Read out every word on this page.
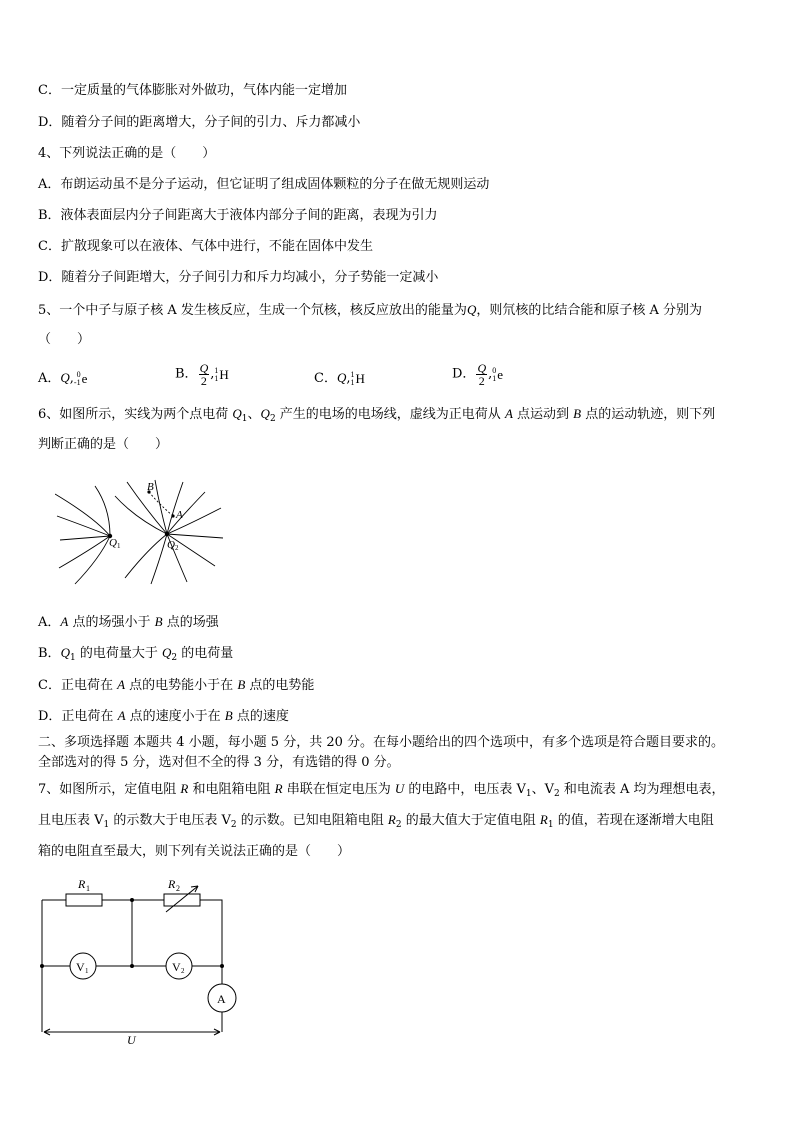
C．一定质量的气体膨胀对外做功，气体内能一定增加
D．随着分子间的距离增大，分子间的引力、斥力都减小
4、下列说法正确的是（　　）
A．布朗运动虽不是分子运动，但它证明了组成固体颗粒的分子在做无规则运动
B．液体表面层内分子间距离大于液体内部分子间的距离，表现为引力
C．扩散现象可以在液体、气体中进行，不能在固体中发生
D．随着分子间距增大，分子间引力和斥力均减小，分子势能一定减小
5、一个中子与原子核 A 发生核反应，生成一个氘核，核反应放出的能量为Q，则氘核的比结合能和原子核 A 分别为
（　　）
A．Q, 0
-1 e	B． $\frac{Q}{2}$ , 1
1 H	C．Q, 1
1 H	D． $\frac{Q}{2}$ , 0
1 e
6、如图所示，实线为两个点电荷 $Q_1$、$Q_2$ 产生的电场的电场线，虚线为正电荷从 A 点运动到 B 点的运动轨迹，则下列
判断正确的是（　　）
B
A
Q 1	Q 2
A．A 点的场强小于 B 点的场强
B．$Q_1$ 的电荷量大于 $Q_2$ 的电荷量
C．正电荷在 A 点的电势能小于在 B 点的电势能
D．正电荷在 A 点的速度小于在 B 点的速度
二、多项选择题 本题共 4 小题，每小题 5 分，共 20 分。在每小题给出的四个选项中，有多个选项是符合题目要求的。
全部选对的得 5 分，选对但不全的得 3 分，有选错的得 0 分。
7、如图所示，定值电阻 R 和电阻箱电阻 R 串联在恒定电压为 U 的电路中，电压表 $V_1$、$V_2$ 和电流表 A 均为理想电表，
且电压表 $V_1$ 的示数大于电压表 $V_2$ 的示数。已知电阻箱电阻 $R_2$ 的最大值大于定值电阻 $R_1$ 的值，若现在逐渐增大电阻
箱的电阻直至最大，则下列有关说法正确的是（　　）
R 1	R 2
V 1	V 2
A
U
